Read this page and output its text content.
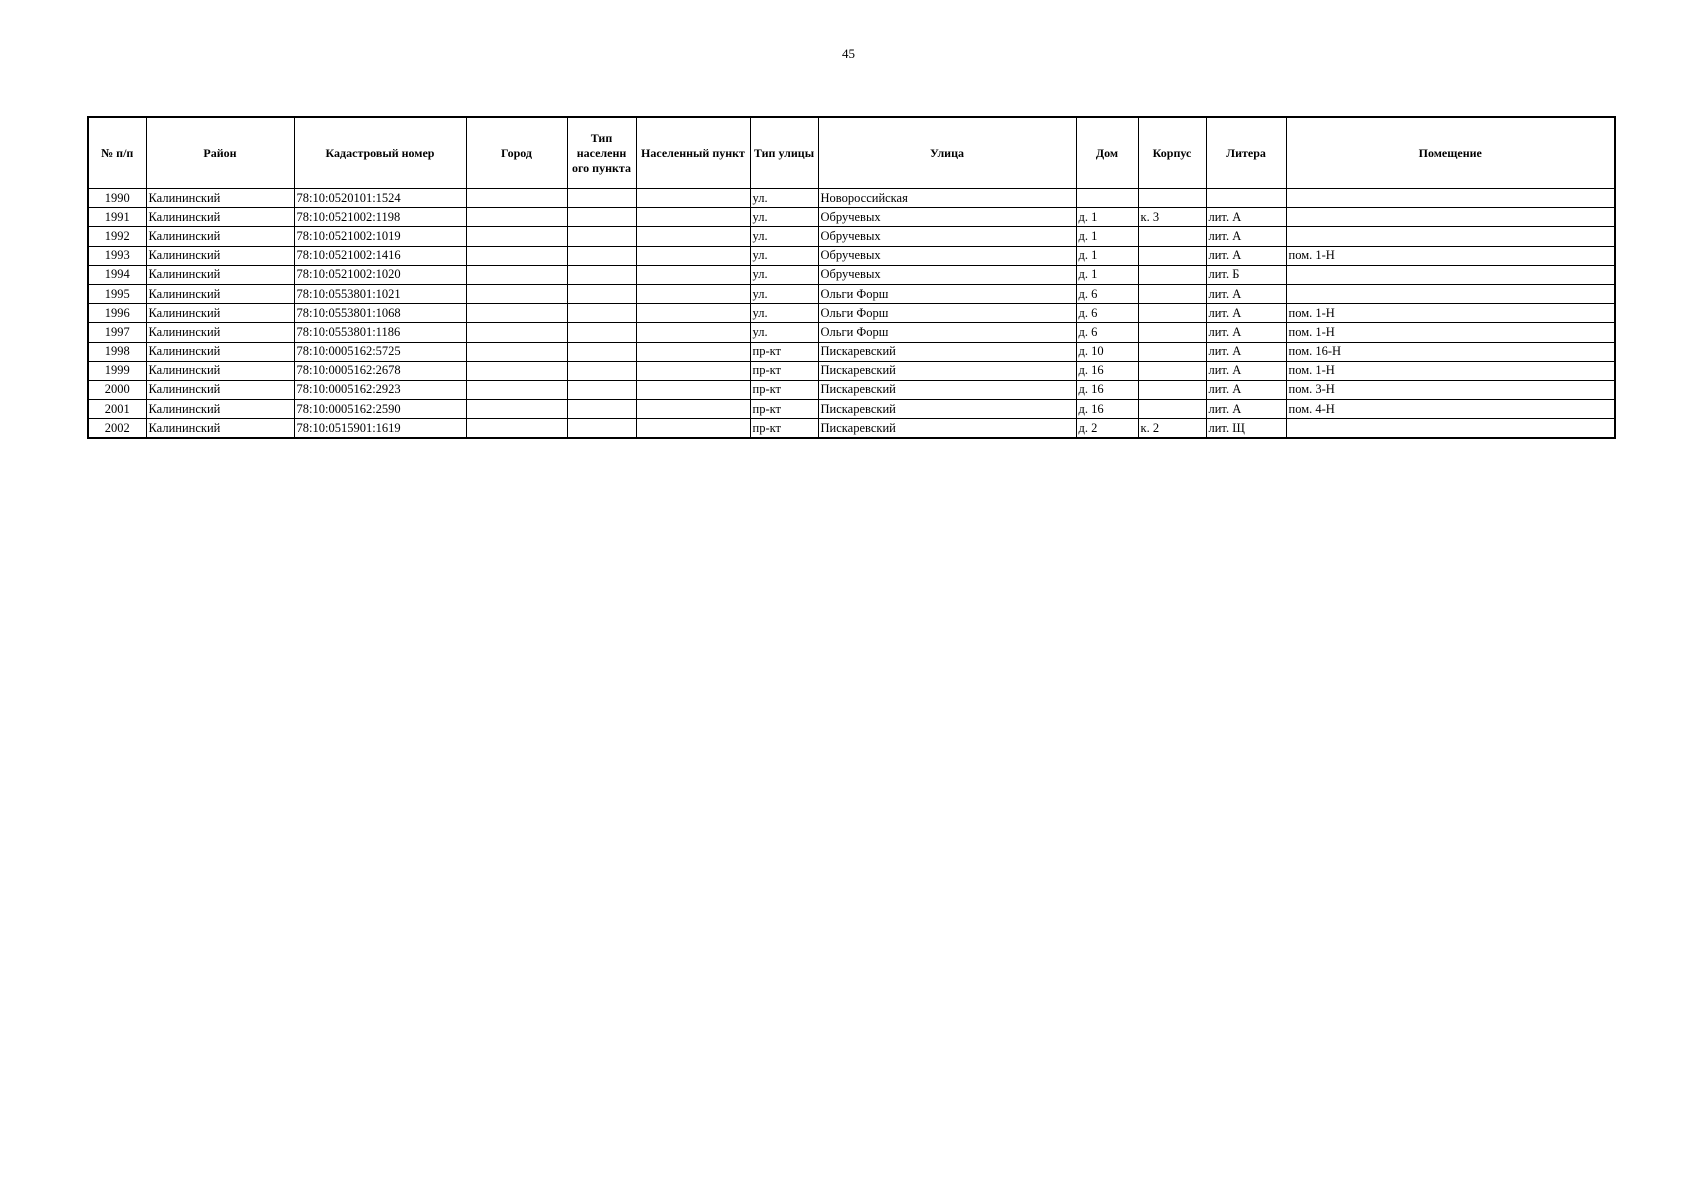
45
№ п/п	Район	Кадастровый номер	Город	Тип населенн ого пункта	Населенный пункт	Тип улицы	Улица	Дом	Корпус	Литера	Помещение
1990	Калининский	78:10:0520101:1524				ул.	Новороссийская				
1991	Калининский	78:10:0521002:1198				ул.	Обручевых	д. 1	к. 3	лит. А	
1992	Калининский	78:10:0521002:1019				ул.	Обручевых	д. 1		лит. А	
1993	Калининский	78:10:0521002:1416				ул.	Обручевых	д. 1		лит. А	пом. 1-Н
1994	Калининский	78:10:0521002:1020				ул.	Обручевых	д. 1		лит. Б	
1995	Калининский	78:10:0553801:1021				ул.	Ольги Форш	д. 6		лит. А	
1996	Калининский	78:10:0553801:1068				ул.	Ольги Форш	д. 6		лит. А	пом. 1-Н
1997	Калининский	78:10:0553801:1186				ул.	Ольги Форш	д. 6		лит. А	пом. 1-Н
1998	Калининский	78:10:0005162:5725				пр-кт	Пискаревский	д. 10		лит. А	пом. 16-Н
1999	Калининский	78:10:0005162:2678				пр-кт	Пискаревский	д. 16		лит. А	пом. 1-Н
2000	Калининский	78:10:0005162:2923				пр-кт	Пискаревский	д. 16		лит. А	пом. 3-Н
2001	Калининский	78:10:0005162:2590				пр-кт	Пискаревский	д. 16		лит. А	пом. 4-Н
2002	Калининский	78:10:0515901:1619				пр-кт	Пискаревский	д. 2	к. 2	лит. Щ	
